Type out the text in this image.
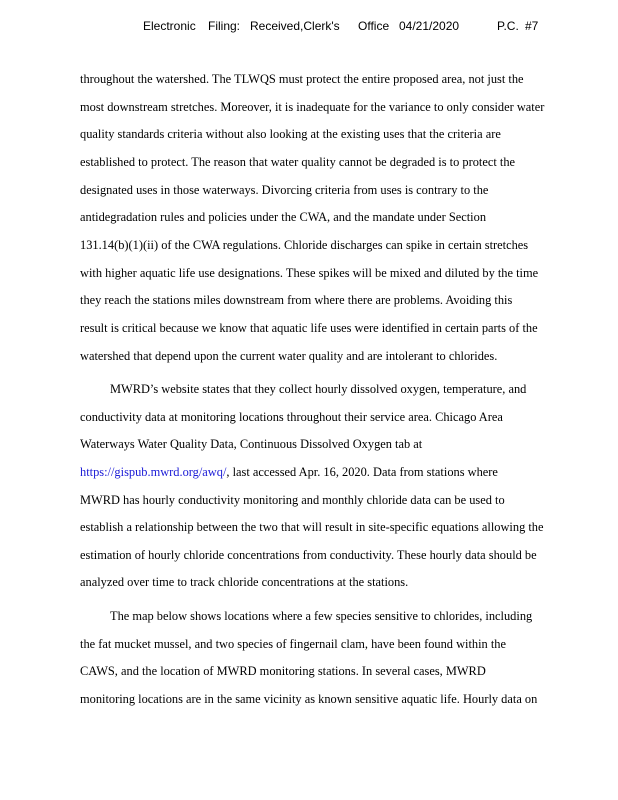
Electronic Filing: Received,Clerk's Office 04/21/2020	P.C. #7
throughout the watershed. The TLWQS must protect the entire proposed area, not just the
most downstream stretches. Moreover, it is inadequate for the variance to only consider water
quality standards criteria without also looking at the existing uses that the criteria are
established to protect. The reason that water quality cannot be degraded is to protect the
designated uses in those waterways. Divorcing criteria from uses is contrary to the
antidegradation rules and policies under the CWA, and the mandate under Section
131.14(b)(1)(ii) of the CWA regulations. Chloride discharges can spike in certain stretches
with higher aquatic life use designations. These spikes will be mixed and diluted by the time
they reach the stations miles downstream from where there are problems. Avoiding this
result is critical because we know that aquatic life uses were identified in certain parts of the
watershed that depend upon the current water quality and are intolerant to chlorides.
MWRD’s website states that they collect hourly dissolved oxygen, temperature, and
conductivity data at monitoring locations throughout their service area. Chicago Area
Waterways Water Quality Data, Continuous Dissolved Oxygen tab at
https://gispub.mwrd.org/awq/, last accessed Apr. 16, 2020. Data from stations where
MWRD has hourly conductivity monitoring and monthly chloride data can be used to
establish a relationship between the two that will result in site-specific equations allowing the
estimation of hourly chloride concentrations from conductivity. These hourly data should be
analyzed over time to track chloride concentrations at the stations.
The map below shows locations where a few species sensitive to chlorides, including
the fat mucket mussel, and two species of fingernail clam, have been found within the
CAWS, and the location of MWRD monitoring stations. In several cases, MWRD
monitoring locations are in the same vicinity as known sensitive aquatic life. Hourly data on
